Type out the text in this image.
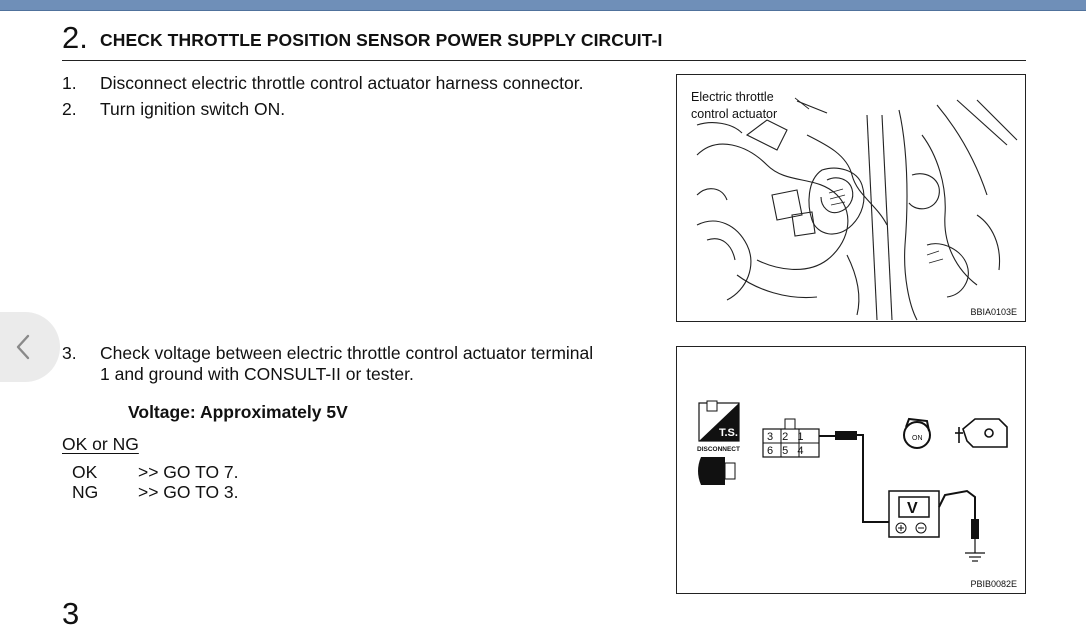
2. CHECK THROTTLE POSITION SENSOR POWER SUPPLY CIRCUIT-I
1. Disconnect electric throttle control actuator harness connector.
2. Turn ignition switch ON.
3. Check voltage between electric throttle control actuator terminal
1 and ground with CONSULT-II or tester.
Voltage: Approximately 5V
OK or NG
OK >> GO TO 7.
NG >> GO TO 3.
Electric throttle
control actuator
BBIA0103E
T.S.
DISCONNECT
3 2 1
6 5 4
V
ON
PBIB0082E
3
